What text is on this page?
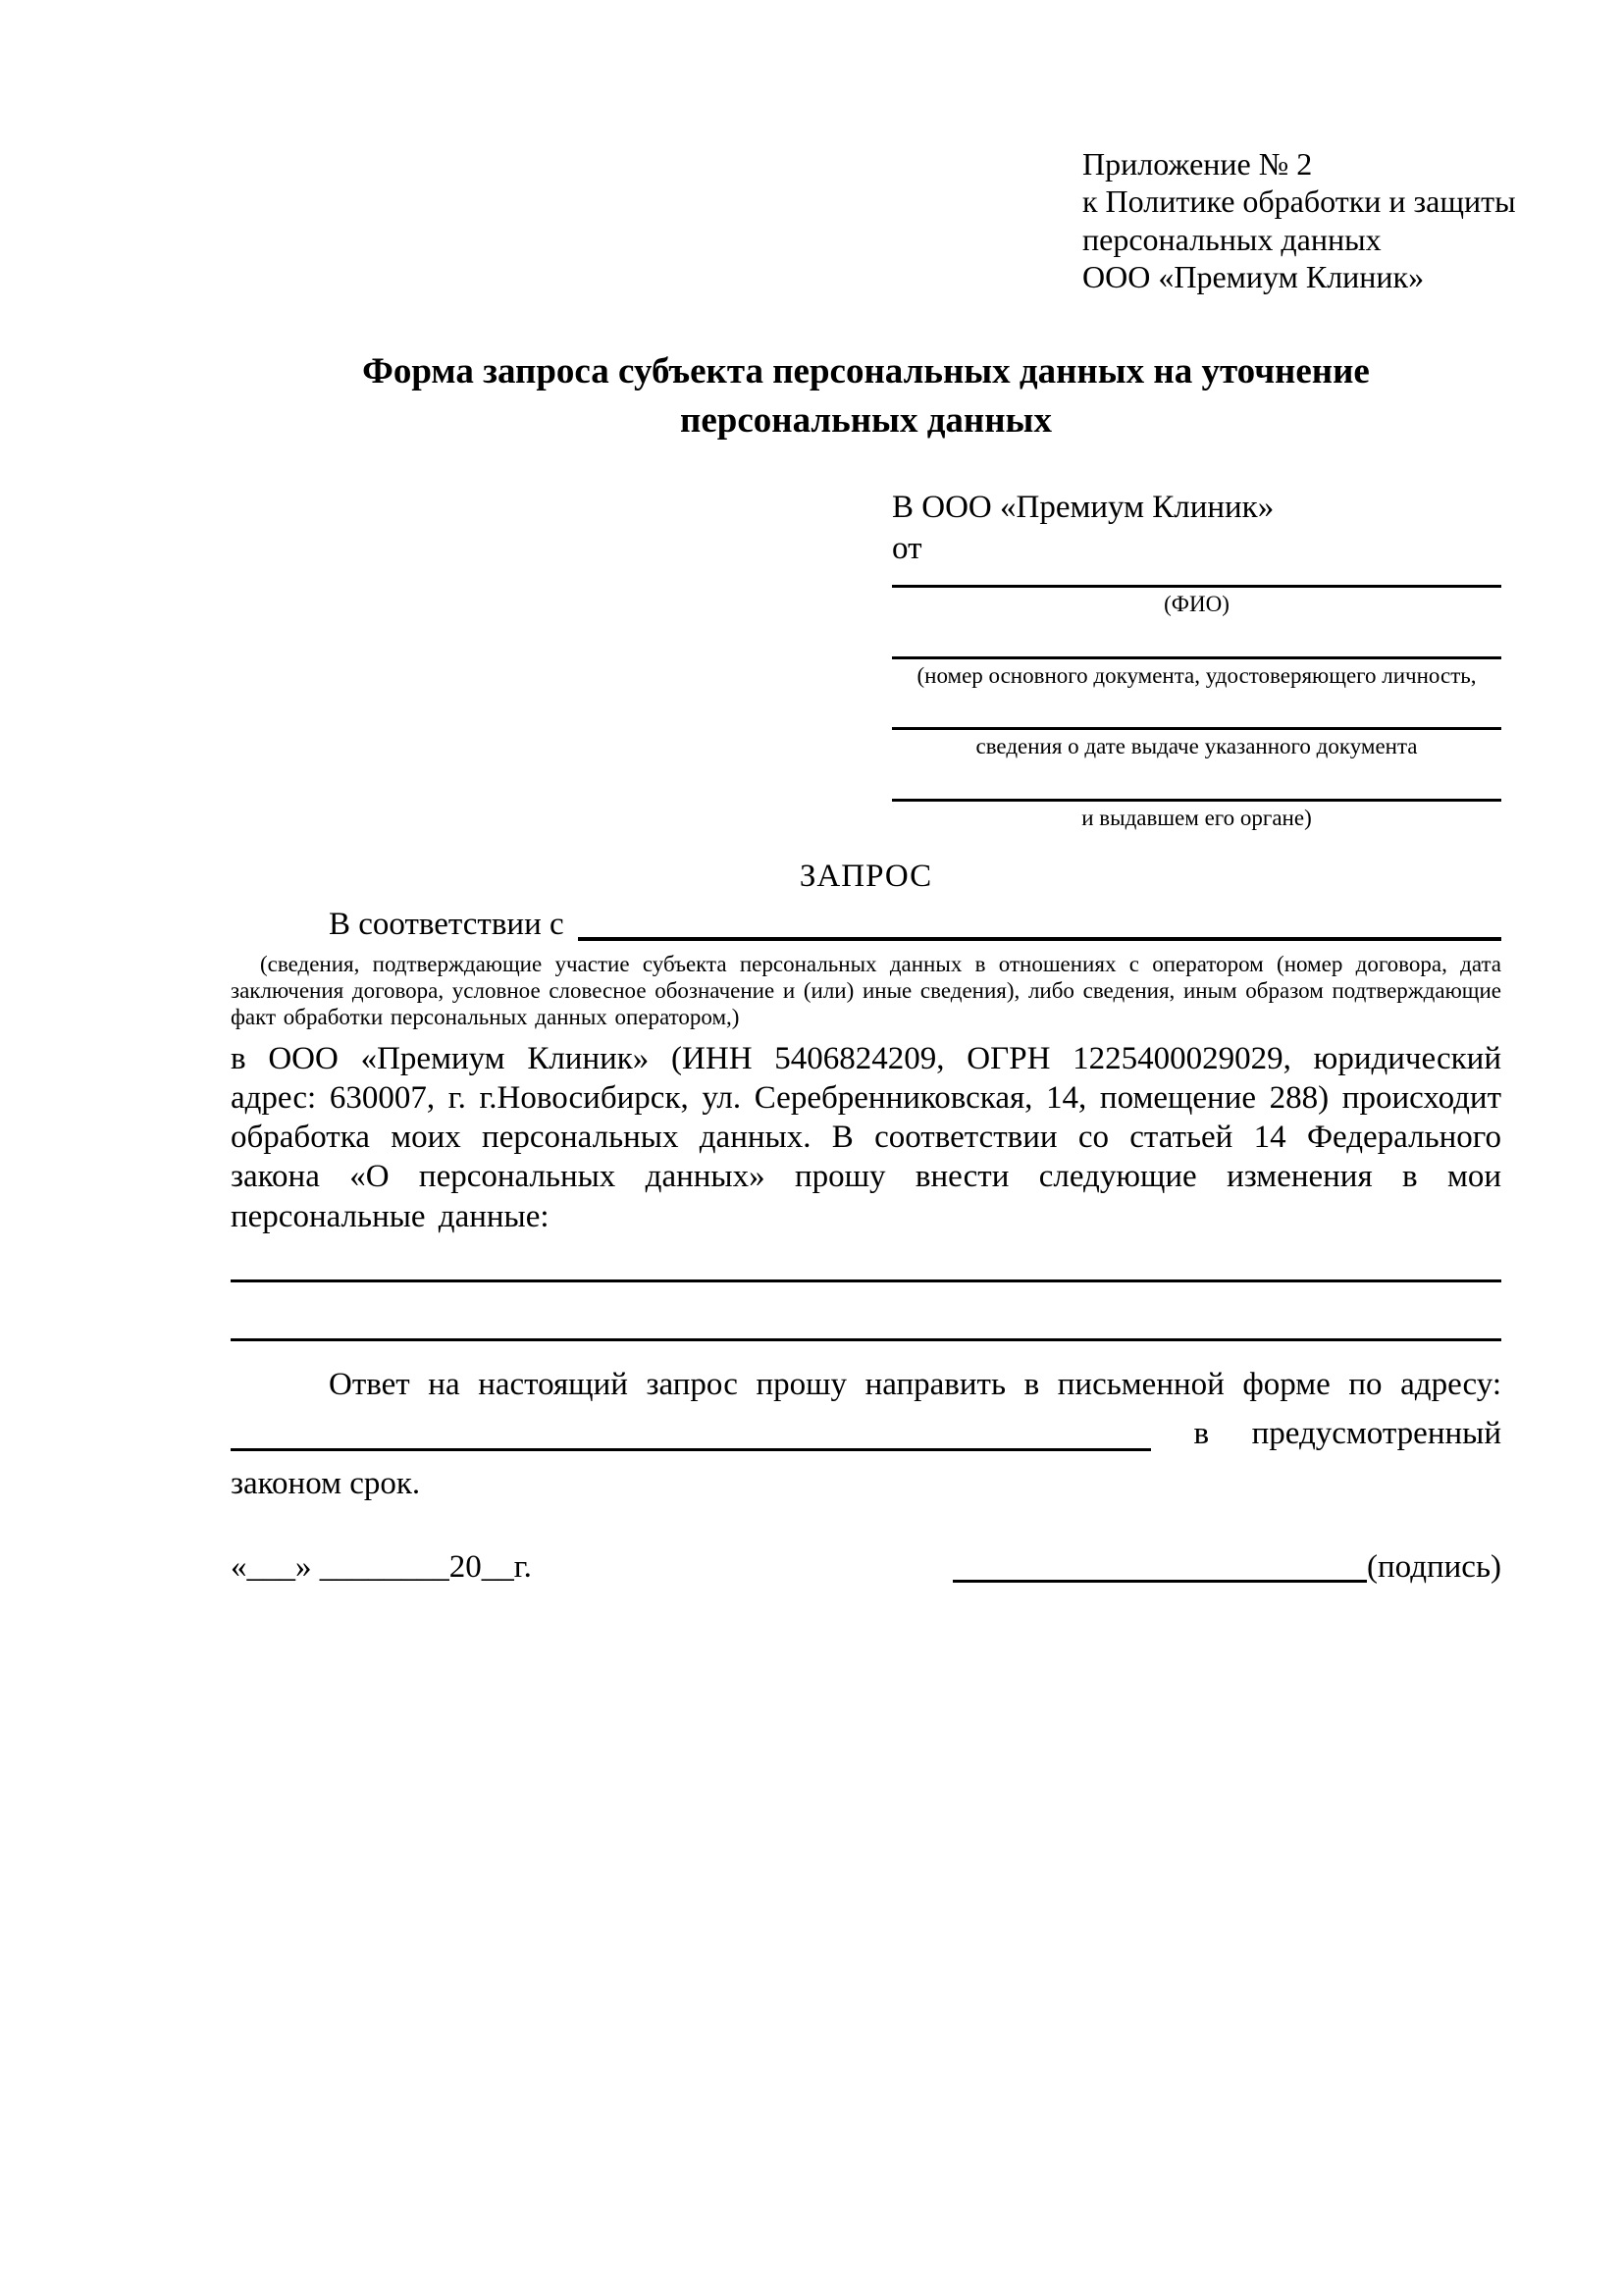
Приложение № 2
к Политике обработки и защиты
персональных данных
ООО «Премиум Клиник»
Форма запроса субъекта персональных данных на уточнение
персональных данных
В ООО «Премиум Клиник»
от
(ФИО)
(номер основного документа, удостоверяющего личность,
сведения о дате выдаче указанного документа
и выдавшем его органе)
ЗАПРОС
В соответствии с
(сведения, подтверждающие участие субъекта персональных данных в отношениях с оператором (номер договора, дата заключения договора, условное словесное обозначение и (или) иные сведения), либо сведения, иным образом подтверждающие факт обработки персональных данных оператором,)

в ООО «Премиум Клиник» (ИНН 5406824209, ОГРН 1225400029029, юридический адрес: 630007, г. г.Новосибирск, ул. Серебренниковская, 14, помещение 288) происходит обработка моих персональных данных. В соответствии со статьей 14 Федерального закона «О персональных данных» прошу внести следующие изменения в мои персональные данные:

Ответ на настоящий запрос прошу направить в письменной форме по адресу:
в предусмотренный
законом срок.
«___» ________20__г.	(подпись)
